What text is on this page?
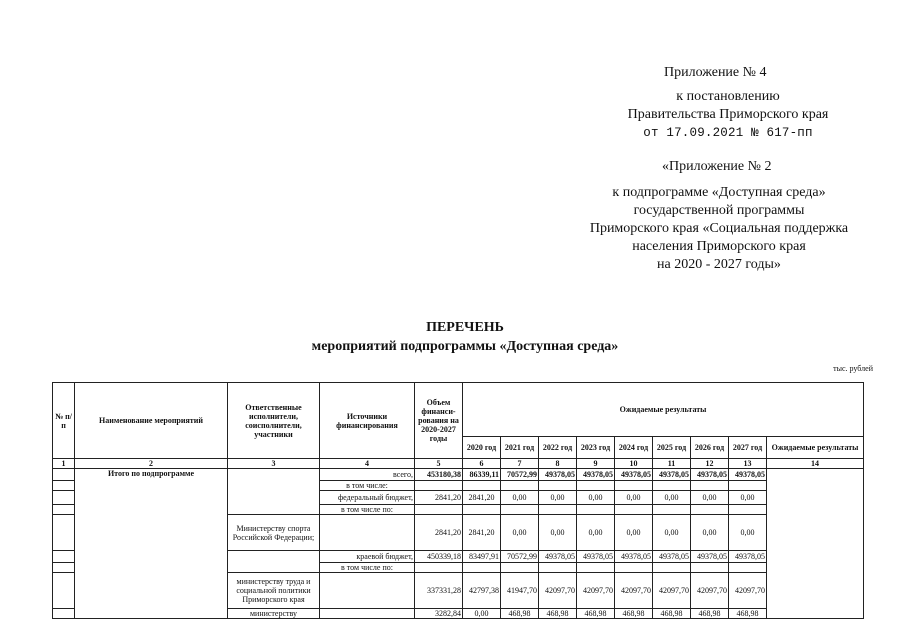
Приложение № 4
к постановлению
Правительства Приморского края
от 17.09.2021 № 617-пп
«Приложение № 2
к подпрограмме «Доступная среда»
государственной программы
Приморского края «Социальная поддержка
населения Приморского края
на 2020 - 2027 годы»
ПЕРЕЧЕНЬ
мероприятий подпрограммы «Доступная среда»
тыс. рублей
№ п/п	Наименование мероприятий	Ответственные исполнители, соисполнители, участники	Источники финансирования	Объем финанси-рования на 2020-2027 годы	Ожидаемые результаты								
					2020 год	2021 год	2022 год	2023 год	2024 год	2025 год	2026 год	2027 год	Ожидаемые результаты
1	2	3	4	5	6	7	8	9	10	11	12	13	14
	Итого по подпрограмме		всего,	453180,38	86339,11	70572,99	49378,05	49378,05	49378,05	49378,05	49378,05	49378,05	
			в том числе:										
			федеральный бюджет,	2841,20	2841,20	0,00	0,00	0,00	0,00	0,00	0,00	0,00	
			в том числе по:										
		Министерству спорта Российской Федерации;		2841,20	2841,20	0,00	0,00	0,00	0,00	0,00	0,00	0,00	
			краевой бюджет,	450339,18	83497,91	70572,99	49378,05	49378,05	49378,05	49378,05	49378,05	49378,05	
			в том числе по:										
		министерству труда и социальной политики Приморского края		337331,28	42797,38	41947,70	42097,70	42097,70	42097,70	42097,70	42097,70	42097,70	
		министерству		3282,84	0,00	468,98	468,98	468,98	468,98	468,98	468,98	468,98	
